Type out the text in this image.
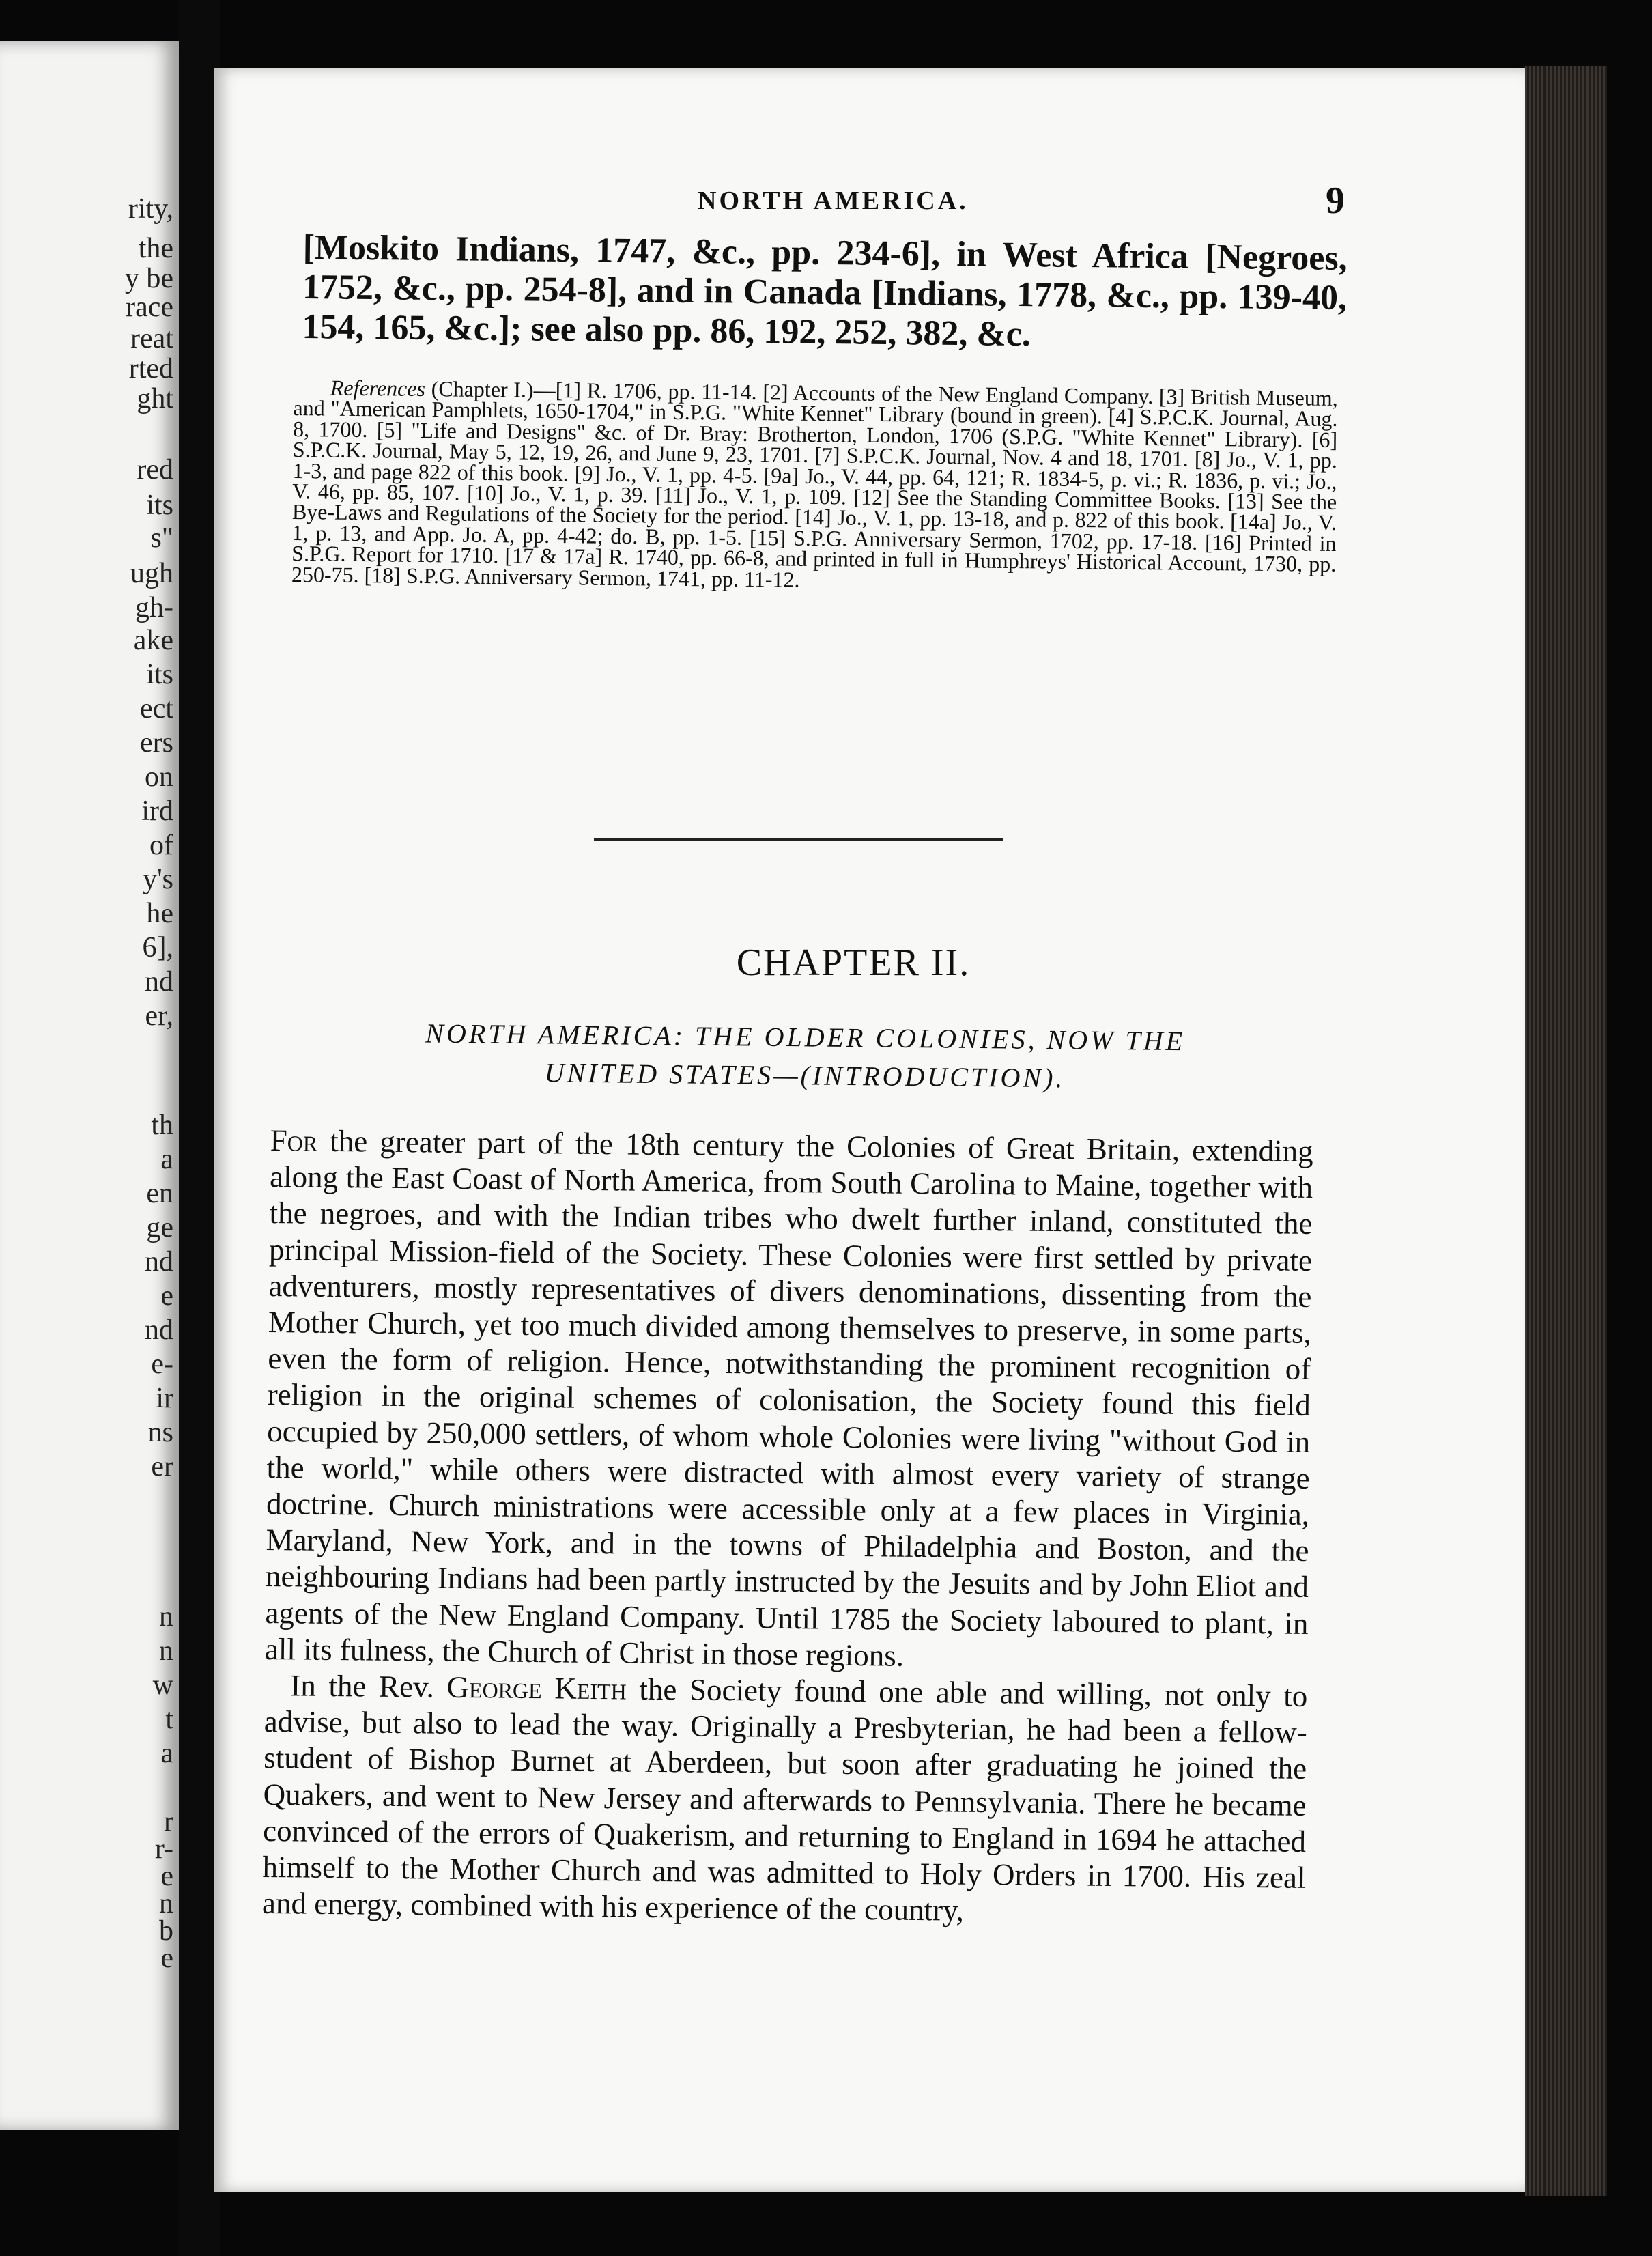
rity,
the
y be
race
reat
rted
ght
red
its
s"
ugh
gh-
ake
its
ect
ers
on
ird
of
y's
he
6],
nd
er,
th
a
en
ge
nd
e
nd
e-
ir
ns
er
n
n
w
t
a
r
r-
e
n
b
e
NORTH AMERICA.	9

[Moskito Indians, 1747, &c., pp. 234-6], in West Africa [Negroes, 1752, &c., pp. 254-8], and in Canada [Indians, 1778, &c., pp. 139-40, 154, 165, &c.]; see also pp. 86, 192, 252, 382, &c.

References (Chapter I.)—[1] R. 1706, pp. 11-14. [2] Accounts of the New England Company. [3] British Museum, and "American Pamphlets, 1650-1704," in S.P.G. "White Kennet" Library (bound in green). [4] S.P.C.K. Journal, Aug. 8, 1700. [5] "Life and Designs" &c. of Dr. Bray: Brotherton, London, 1706 (S.P.G. "White Kennet" Library). [6] S.P.C.K. Journal, May 5, 12, 19, 26, and June 9, 23, 1701. [7] S.P.C.K. Journal, Nov. 4 and 18, 1701. [8] Jo., V. 1, pp. 1-3, and page 822 of this book. [9] Jo., V. 1, pp. 4-5. [9a] Jo., V. 44, pp. 64, 121; R. 1834-5, p. vi.; R. 1836, p. vi.; Jo., V. 46, pp. 85, 107. [10] Jo., V. 1, p. 39. [11] Jo., V. 1, p. 109. [12] See the Standing Committee Books. [13] See the Bye-Laws and Regulations of the Society for the period. [14] Jo., V. 1, pp. 13-18, and p. 822 of this book. [14a] Jo., V. 1, p. 13, and App. Jo. A, pp. 4-42; do. B, pp. 1-5. [15] S.P.G. Anniversary Sermon, 1702, pp. 17-18. [16] Printed in S.P.G. Report for 1710. [17 & 17a] R. 1740, pp. 66-8, and printed in full in Humphreys' Historical Account, 1730, pp. 250-75. [18] S.P.G. Anniversary Sermon, 1741, pp. 11-12.

CHAPTER II.
NORTH AMERICA: THE OLDER COLONIES, NOW THE
UNITED STATES—(INTRODUCTION).

For the greater part of the 18th century the Colonies of Great Britain, extending along the East Coast of North America, from South Carolina to Maine, together with the negroes, and with the Indian tribes who dwelt further inland, constituted the principal Mission-field of the Society. These Colonies were first settled by private adventurers, mostly representatives of divers denominations, dissenting from the Mother Church, yet too much divided among themselves to preserve, in some parts, even the form of religion. Hence, notwithstanding the prominent recognition of religion in the original schemes of colonisation, the Society found this field occupied by 250,000 settlers, of whom whole Colonies were living "without God in the world," while others were distracted with almost every variety of strange doctrine. Church ministrations were accessible only at a few places in Virginia, Maryland, New York, and in the towns of Philadelphia and Boston, and the neighbouring Indians had been partly instructed by the Jesuits and by John Eliot and agents of the New England Company. Until 1785 the Society laboured to plant, in all its fulness, the Church of Christ in those regions.

In the Rev. George Keith the Society found one able and willing, not only to advise, but also to lead the way. Originally a Presbyterian, he had been a fellow-student of Bishop Burnet at Aberdeen, but soon after graduating he joined the Quakers, and went to New Jersey and afterwards to Pennsylvania. There he became convinced of the errors of Quakerism, and returning to England in 1694 he attached himself to the Mother Church and was admitted to Holy Orders in 1700. His zeal and energy, combined with his experience of the country,
